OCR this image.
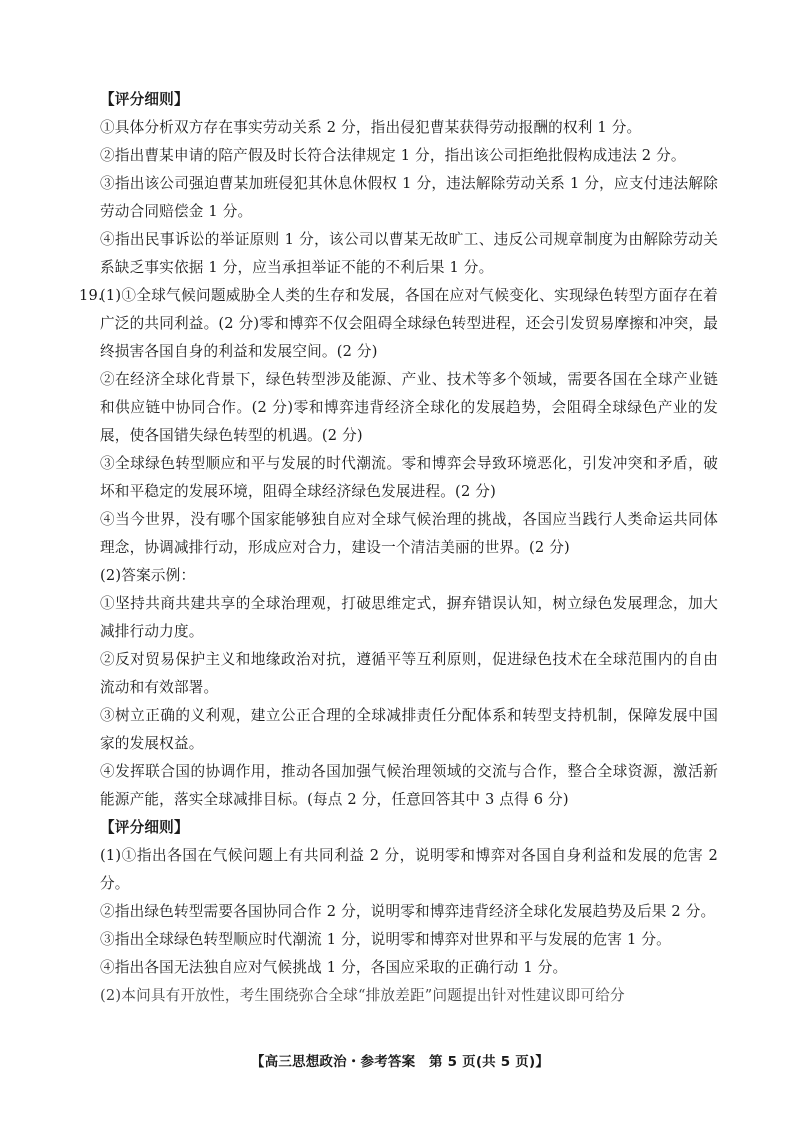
【评分细则】

①具体分析双方存在事实劳动关系 2 分，指出侵犯曹某获得劳动报酬的权利 1 分。

②指出曹某申请的陪产假及时长符合法律规定 1 分，指出该公司拒绝批假构成违法 2 分。

③指出该公司强迫曹某加班侵犯其休息休假权 1 分，违法解除劳动关系 1 分，应支付违法解除劳动合同赔偿金 1 分。

④指出民事诉讼的举证原则 1 分，该公司以曹某无故旷工、违反公司规章制度为由解除劳动关系缺乏事实依据 1 分，应当承担举证不能的不利后果 1 分。

19.

(1)①全球气候问题威胁全人类的生存和发展，各国在应对气候变化、实现绿色转型方面存在着广泛的共同利益。(2 分)零和博弈不仅会阻碍全球绿色转型进程，还会引发贸易摩擦和冲突，最终损害各国自身的利益和发展空间。(2 分)

②在经济全球化背景下，绿色转型涉及能源、产业、技术等多个领域，需要各国在全球产业链和供应链中协同合作。(2 分)零和博弈违背经济全球化的发展趋势，会阻碍全球绿色产业的发展，使各国错失绿色转型的机遇。(2 分)

③全球绿色转型顺应和平与发展的时代潮流。零和博弈会导致环境恶化，引发冲突和矛盾，破坏和平稳定的发展环境，阻碍全球经济绿色发展进程。(2 分)

④当今世界，没有哪个国家能够独自应对全球气候治理的挑战，各国应当践行人类命运共同体理念，协调减排行动，形成应对合力，建设一个清洁美丽的世界。(2 分)

(2)答案示例：

①坚持共商共建共享的全球治理观，打破思维定式，摒弃错误认知，树立绿色发展理念，加大减排行动力度。

②反对贸易保护主义和地缘政治对抗，遵循平等互利原则，促进绿色技术在全球范围内的自由流动和有效部署。

③树立正确的义利观，建立公正合理的全球减排责任分配体系和转型支持机制，保障发展中国家的发展权益。

④发挥联合国的协调作用，推动各国加强气候治理领域的交流与合作，整合全球资源，激活新能源产能，落实全球减排目标。(每点 2 分，任意回答其中 3 点得 6 分)

【评分细则】

(1)①指出各国在气候问题上有共同利益 2 分，说明零和博弈对各国自身利益和发展的危害 2 分。

②指出绿色转型需要各国协同合作 2 分，说明零和博弈违背经济全球化发展趋势及后果 2 分。

③指出全球绿色转型顺应时代潮流 1 分，说明零和博弈对世界和平与发展的危害 1 分。

④指出各国无法独自应对气候挑战 1 分，各国应采取的正确行动 1 分。

(2)本问具有开放性，考生围绕弥合全球“排放差距”问题提出针对性建议即可给分

【高三思想政治・参考答案　第 5 页(共 5 页)】
